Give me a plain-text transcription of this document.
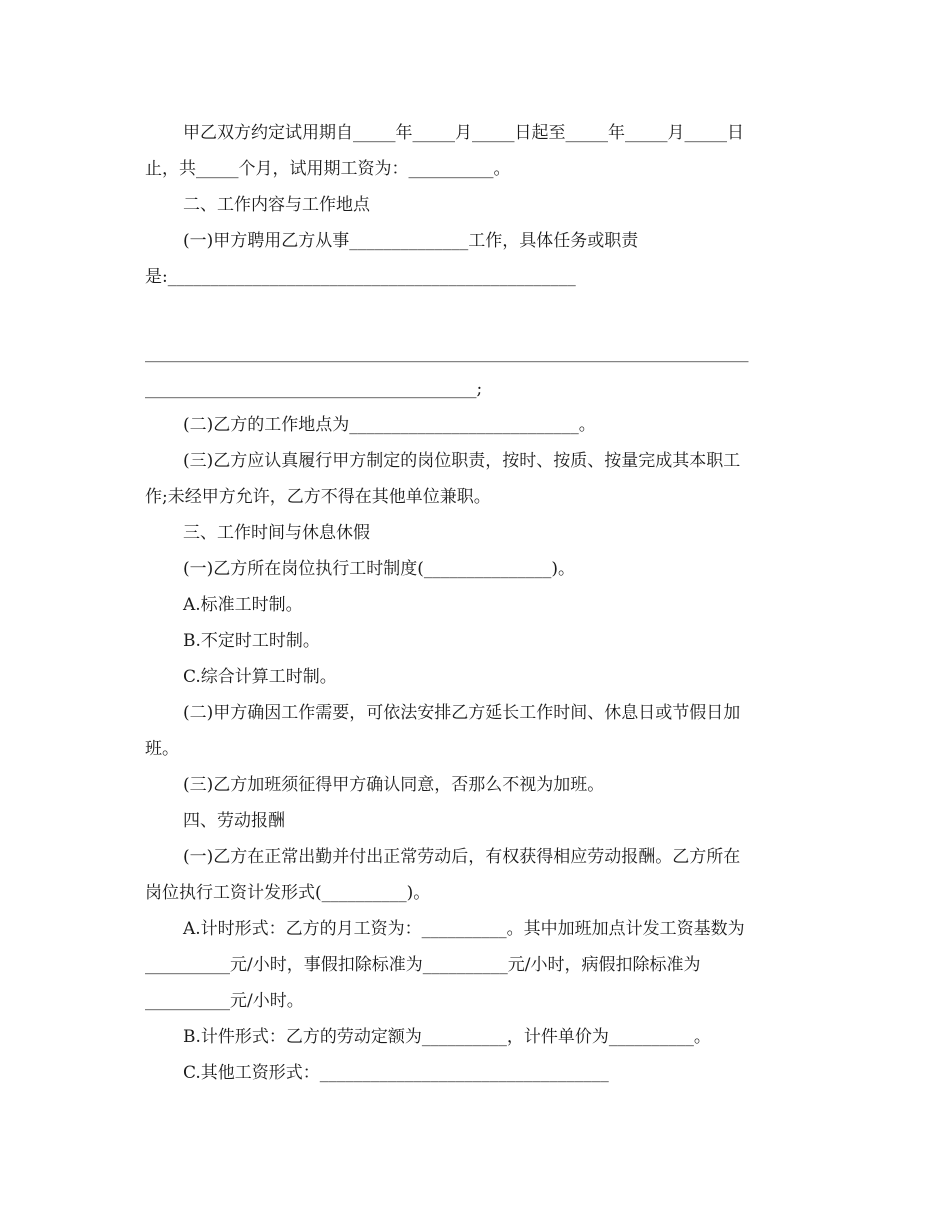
甲乙双方约定试用期自_____年_____月_____日起至_____年_____月_____日
止，共_____个月，试用期工资为：__________。
二、工作内容与工作地点
(一)甲方聘用乙方从事______________工作，具体任务或职责
是:________________________________________________
_______________________________________________________________________
_______________________________________;
(二)乙方的工作地点为___________________________。
(三)乙方应认真履行甲方制定的岗位职责，按时、按质、按量完成其本职工
作;未经甲方允许，乙方不得在其他单位兼职。
三、工作时间与休息休假
(一)乙方所在岗位执行工时制度(_______________)。
A.标准工时制。
B.不定时工时制。
C.综合计算工时制。
(二)甲方确因工作需要，可依法安排乙方延长工作时间、休息日或节假日加
班。
(三)乙方加班须征得甲方确认同意，否那么不视为加班。
四、劳动报酬
(一)乙方在正常出勤并付出正常劳动后，有权获得相应劳动报酬。乙方所在
岗位执行工资计发形式(__________)。
A.计时形式：乙方的月工资为：__________。其中加班加点计发工资基数为
__________元/小时，事假扣除标准为__________元/小时，病假扣除标准为
__________元/小时。
B.计件形式：乙方的劳动定额为__________，计件单价为__________。
C.其他工资形式：__________________________________
